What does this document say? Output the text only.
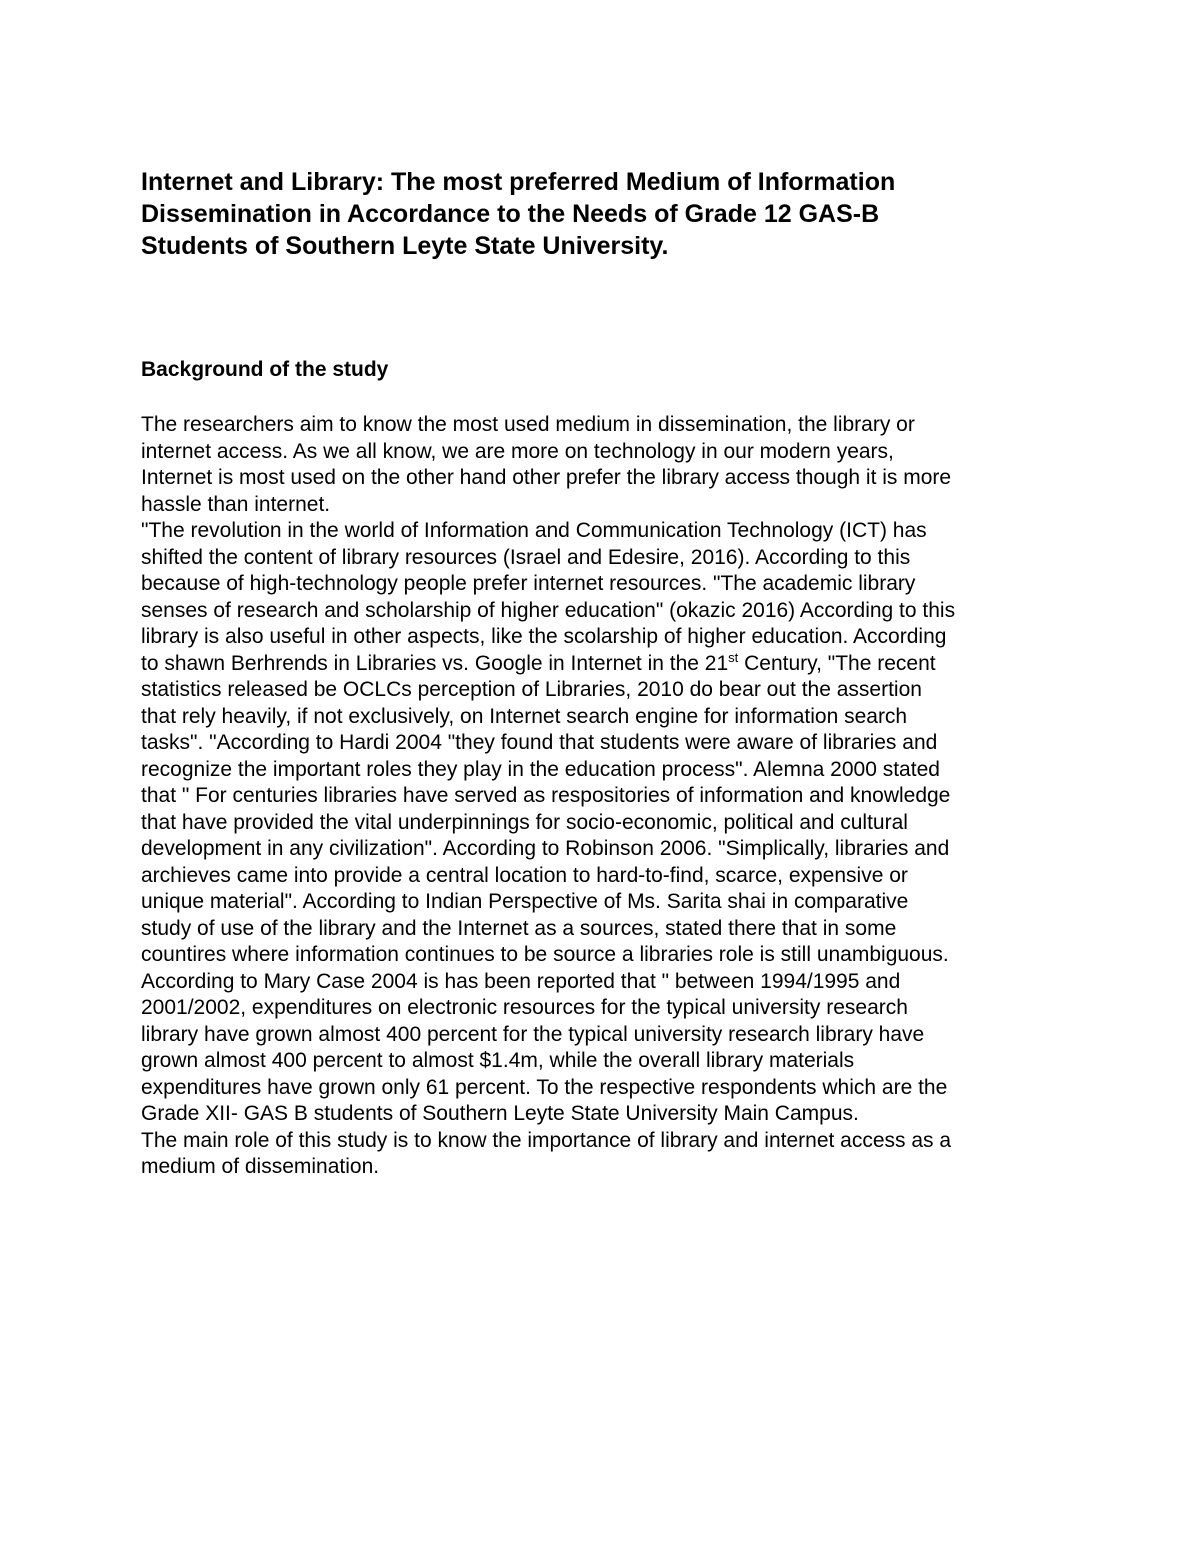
Internet and Library: The most preferred Medium of Information
Dissemination in Accordance to the Needs of Grade 12 GAS-B
Students of Southern Leyte State University.
Background of the study
The researchers aim to know the most used medium in dissemination, the library or
internet access. As we all know, we are more on technology in our modern years,
Internet is most used on the other hand other prefer the library access though it is more
hassle than internet.
"The revolution in the world of Information and Communication Technology (ICT) has
shifted the content of library resources (Israel and Edesire, 2016). According to this
because of high-technology people prefer internet resources. "The academic library
senses of research and scholarship of higher education" (okazic 2016) According to this
library is also useful in other aspects, like the scolarship of higher education. According
to shawn Berhrends in Libraries vs. Google in Internet in the 21st Century, "The recent
statistics released be OCLCs perception of Libraries, 2010 do bear out the assertion
that rely heavily, if not exclusively, on Internet search engine for information search
tasks". "According to Hardi 2004 "they found that students were aware of libraries and
recognize the important roles they play in the education process". Alemna 2000 stated
that " For centuries libraries have served as respositories of information and knowledge
that have provided the vital underpinnings for socio-economic, political and cultural
development in any civilization". According to Robinson 2006. "Simplically, libraries and
archieves came into provide a central location to hard-to-find, scarce, expensive or
unique material". According to Indian Perspective of Ms. Sarita shai in comparative
study of use of the library and the Internet as a sources, stated there that in some
countires where information continues to be source a libraries role is still unambiguous.
According to Mary Case 2004 is has been reported that " between 1994/1995 and
2001/2002, expenditures on electronic resources for the typical university research
library have grown almost 400 percent for the typical university research library have
grown almost 400 percent to almost $1.4m, while the overall library materials
expenditures have grown only 61 percent. To the respective respondents which are the
Grade XII- GAS B students of Southern Leyte State University Main Campus.
The main role of this study is to know the importance of library and internet access as a
medium of dissemination.
